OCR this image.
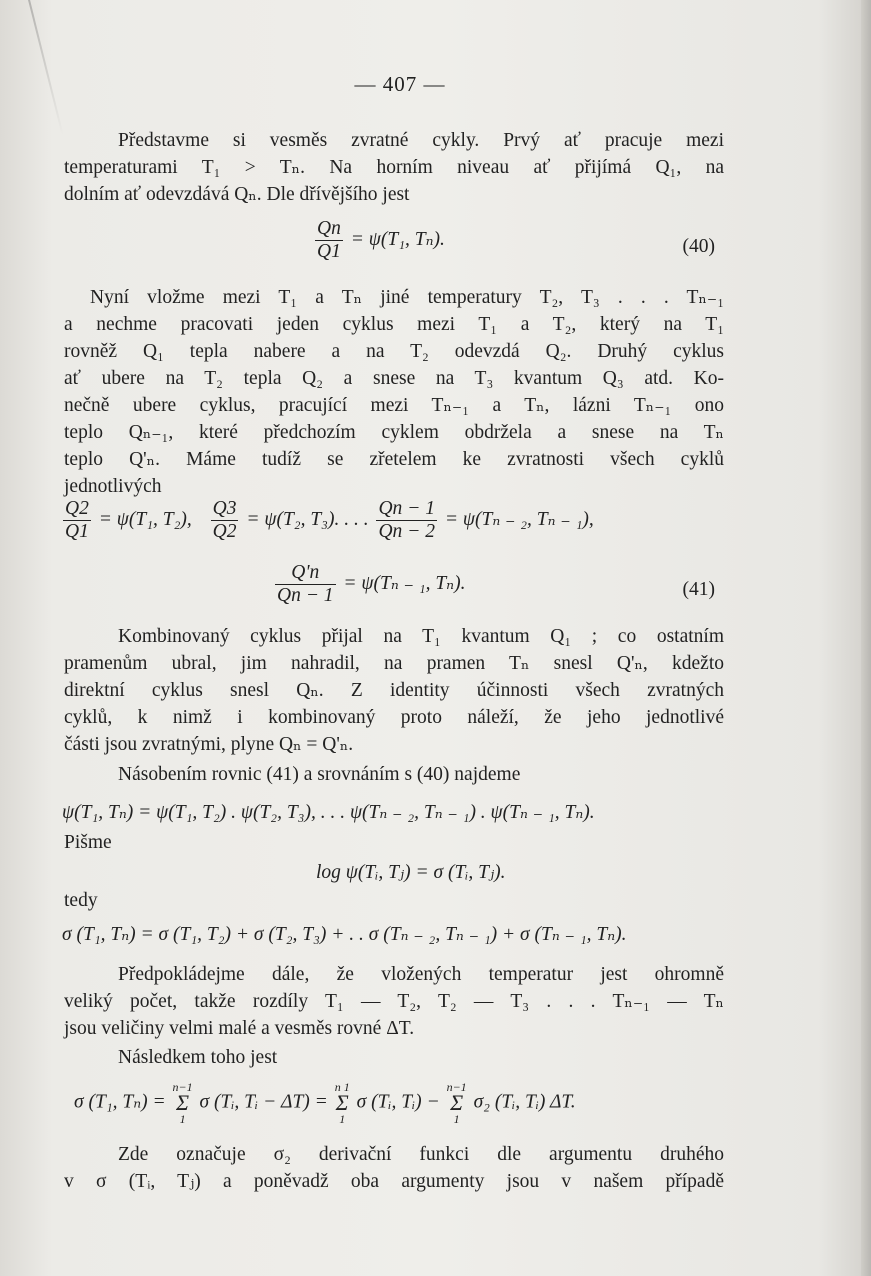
— 407 —
Představme si vesměs zvratné cykly. Prvý ať pracuje mezi
temperaturami T₁ > Tₙ. Na horním niveau ať přijímá Q₁, na
dolním ať odevzdává Qₙ. Dle dřívějšího jest
$\frac{Qn}{Q1} = \psi(T_1$, Tₙ).	(40)
Nyní vložme mezi T₁ a Tₙ jiné temperatury T₂, T₃ . . . Tₙ₋₁
a nechme pracovati jeden cyklus mezi T₁ a T₂, který na T₁
rovněž Q₁ tepla nabere a na T₂ odevzdá Q₂. Druhý cyklus
ať ubere na T₂ tepla Q₂ a snese na T₃ kvantum Q₃ atd. Ko-
nečně ubere cyklus, pracující mezi Tₙ₋₁ a Tₙ, lázni Tₙ₋₁ ono
teplo Qₙ₋₁, které předchozím cyklem obdržela a snese na Tₙ
teplo Q'ₙ. Máme tudíž se zřetelem ke zvratnosti všech cyklů
jednotlivých
$\frac{Q2}{Q1} = \psi(T_1$, T₂), $\frac{Q3}{Q2} = \psi(T_2$, T₃). . . . $\frac{Qn - 1}{Qn - 2} = \psi(T_n$ ₋ ₂, Tₙ ₋ ₁),
$\frac{Q'n}{Qn - 1} = \psi(T_n$ ₋ ₁, Tₙ).	(41)
Kombinovaný cyklus přijal na T₁ kvantum Q₁ ; co ostatním
pramenům ubral, jim nahradil, na pramen Tₙ snesl Q'ₙ, kdežto
direktní cyklus snesl Qₙ. Z identity účinnosti všech zvratných
cyklů, k nimž i kombinovaný proto náleží, že jeho jednotlivé
části jsou zvratnými, plyne Qₙ = Q'ₙ.
Násobením rovnic (41) a srovnáním s (40) najdeme
ψ(T₁, Tₙ) = ψ(T₁, T₂) . ψ(T₂, T₃), . . . ψ(Tₙ ₋ ₂, Tₙ ₋ ₁) . ψ(Tₙ ₋ ₁, Tₙ).
Pišme
log ψ(Tᵢ, Tⱼ) = σ (Tᵢ, Tⱼ).
tedy
σ (T₁, Tₙ) = σ (T₁, T₂) + σ (T₂, T₃) + . . σ (Tₙ ₋ ₂, Tₙ ₋ ₁) + σ (Tₙ ₋ ₁, Tₙ).
Předpokládejme dále, že vložených temperatur jest ohromně
veliký počet, takže rozdíly T₁ — T₂, T₂ — T₃ . . . Tₙ₋₁ — Tₙ
jsou veličiny velmi malé a vesměs rovné ΔT.
Následkem toho jest
σ (T₁, Tₙ) =
n−1
Σ
1
σ (Tᵢ, Tᵢ − ΔT) =
n 1
Σ
1
σ (Tᵢ, Tᵢ) −
n−1
Σ
1
σ₂ (Tᵢ, Tᵢ) ΔT.
Zde označuje σ₂ derivační funkci dle argumentu druhého
v σ (Tᵢ, Tⱼ) a poněvadž oba argumenty jsou v našem případě
